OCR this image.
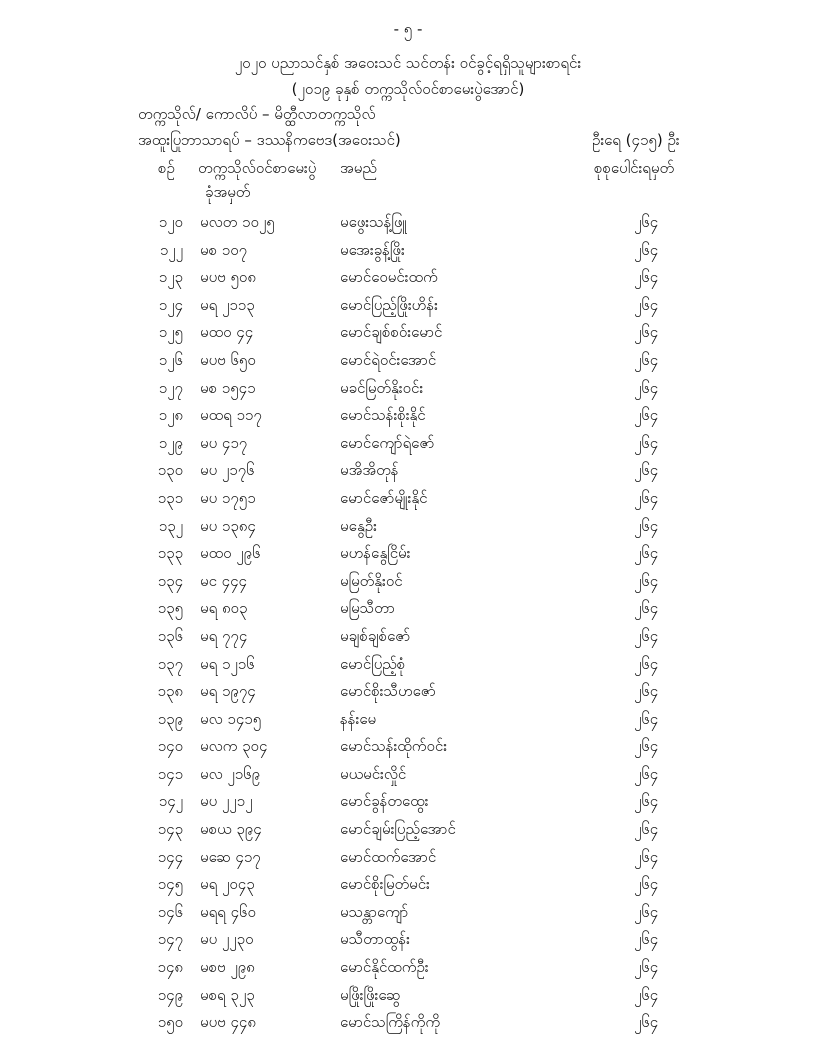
- ၅ -
၂၀၂၀ ပညာသင်နှစ် အဝေးသင် သင်တန်း ဝင်ခွင့်ရရှိသူများစာရင်း
(၂၀၁၉ ခုနှစ် တက္ကသိုလ်ဝင်စာမေးပွဲအောင်)
တက္ကသိုလ်/ ကောလိပ် – မိတ္ထီလာတက္ကသိုလ်
အထူးပြုဘာသာရပ် – ဒဿနိကဗေဒ(အဝေးသင်)	ဦးရေ (၄၁၅) ဦး
စဉ် တက္ကသိုလ်ဝင်စာမေးပွဲ
ခုံအမှတ်
အမည်	စုစုပေါင်းရမှတ်
၁၂၀ မလတ ၁၀၂၅	မဖွေးသန့်ဖြူ	၂၆၄
၁၂၂ မစ ၁၀၇	မအေးခွန့်ဖြိုး	၂၆၄
၁၂၃ မပဗ ၅၀၈	မောင်ဝေမင်းထက်	၂၆၄
၁၂၄ မရ ၂၁၁၃	မောင်ပြည့်ဖြိုးဟိန်း	၂၆၄
၁၂၅ မထဝ ၄၄	မောင်ချစ်စဝ်းမောင်	၂၆၄
၁၂၆ မပဗ ၆၅၀	မောင်ရဲဝင်းအောင်	၂၆၄
၁၂၇ မစ ၁၅၄၁	မခင်မြတ်နိုးဝင်း	၂၆၄
၁၂၈ မထရ ၁၁၇	မောင်သန်းစိုးနိုင်	၂၆၄
၁၂၉ မပ ၄၁၇	မောင်ကျော်ရဲဇော်	၂၆၄
၁၃၀ မပ ၂၁၇၆	မအိအိတုန်	၂၆၄
၁၃၁ မပ ၁၇၅၁	မောင်ဇော်မျိုးနိုင်	၂၆၄
၁၃၂ မပ ၁၃၈၄	မနွေဦး	၂၆၄
၁၃၃ မထဝ ၂၉၆	မဟန်နွေငြိမ်း	၂၆၄
၁၃၄ မင ၄၄၄	မမြတ်နိုးဝင်	၂၆၄
၁၃၅ မရ ၈၀၃	မမြသီတာ	၂၆၄
၁၃၆ မရ ၇၇၄	မချစ်ချစ်ဇော်	၂၆၄
၁၃၇ မရ ၁၂၁၆	မောင်ပြည့်စုံ	၂၆၄
၁၃၈ မရ ၁၉၇၄	မောင်စိုးသီဟဇော်	၂၆၄
၁၃၉ မလ ၁၄၁၅	နန်းမေ	၂၆၄
၁၄၀ မလက ၃၀၄	မောင်သန်းထိုက်ဝင်း	၂၆၄
၁၄၁ မလ ၂၁၆၉	မယမင်းလှိုင်	၂၆၄
၁၄၂ မပ ၂၂၁၂	မောင်ခွန်တထွေး	၂၆၄
၁၄၃ မစယ ၃၉၄	မောင်ချမ်းပြည့်အောင်	၂၆၄
၁၄၄ မဆေ ၄၁၇	မောင်ထက်အောင်	၂၆၄
၁၄၅ မရ ၂၀၄၃	မောင်စိုးမြတ်မင်း	၂၆၄
၁၄၆ မရရ ၄၆၀	မသန္တာကျော်	၂၆၄
၁၄၇ မပ ၂၂၃၀	မသီတာထွန်း	၂၆၄
၁၄၈ မစဗ ၂၉၈	မောင်နိုင်ထက်ဦး	၂၆၄
၁၄၉ မစရ ၃၂၃	မဖြိုးဖြိုးဆွေ	၂၆၄
၁၅၀ မပဗ ၄၄၈	မောင်သကြိန်ကိုကို	၂၆၄
